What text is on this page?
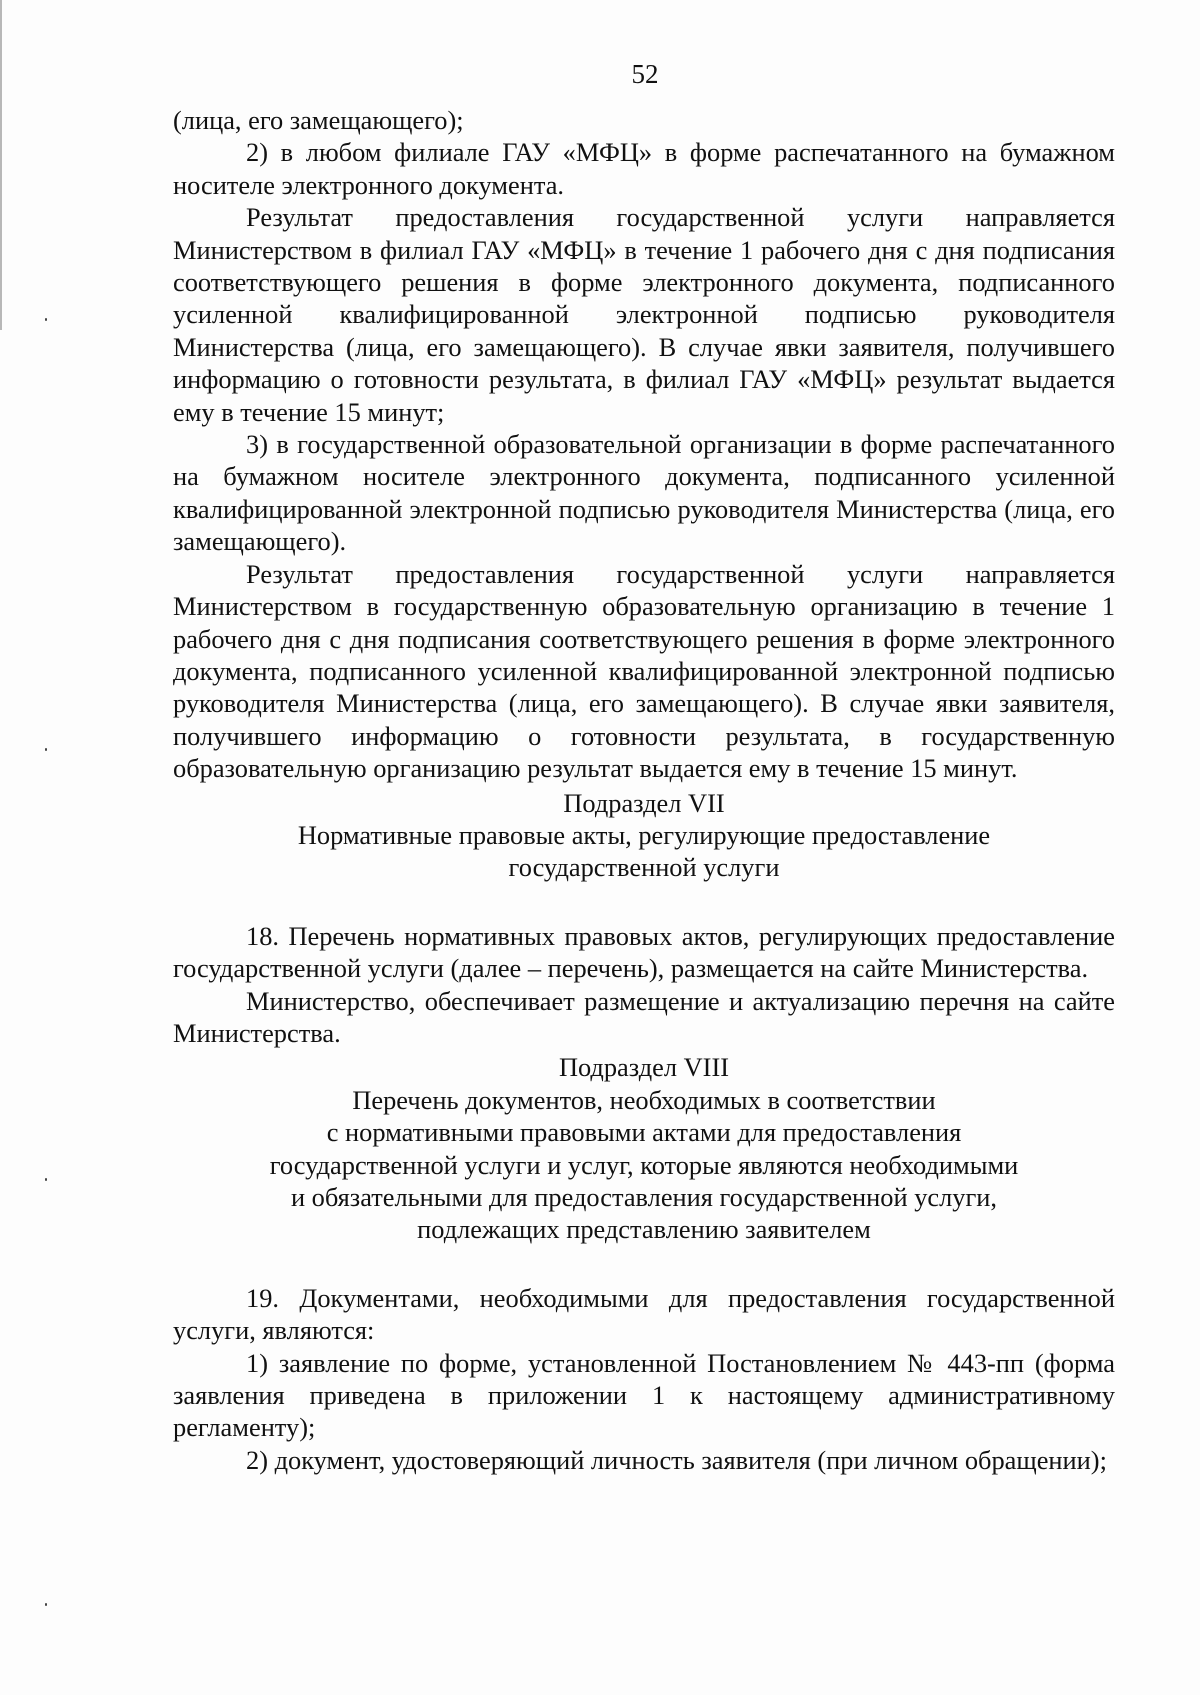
52

(лица, его замещающего);

2) в любом филиале ГАУ «МФЦ» в форме распечатанного на бумажном носителе электронного документа.

Результат предоставления государственной услуги направляется Министерством в филиал ГАУ «МФЦ» в течение 1 рабочего дня с дня подписания соответствующего решения в форме электронного документа, подписанного усиленной квалифицированной электронной подписью руководителя Министерства (лица, его замещающего). В случае явки заявителя, получившего информацию о готовности результата, в филиал ГАУ «МФЦ» результат выдается ему в течение 15 минут;

3) в государственной образовательной организации в форме распечатанного на бумажном носителе электронного документа, подписанного усиленной квалифицированной электронной подписью руководителя Министерства (лица, его замещающего).

Результат предоставления государственной услуги направляется Министерством в государственную образовательную организацию в течение 1 рабочего дня с дня подписания соответствующего решения в форме электронного документа, подписанного усиленной квалифицированной электронной подписью руководителя Министерства (лица, его замещающего). В случае явки заявителя, получившего информацию о готовности результата, в государственную образовательную организацию результат выдается ему в течение 15 минут.

Подраздел VII

Нормативные правовые акты, регулирующие предоставление

государственной услуги

18. Перечень нормативных правовых актов, регулирующих предоставление государственной услуги (далее – перечень), размещается на сайте Министерства.

Министерство, обеспечивает размещение и актуализацию перечня на сайте Министерства.

Подраздел VIII

Перечень документов, необходимых в соответствии

с нормативными правовыми актами для предоставления

государственной услуги и услуг, которые являются необходимыми

и обязательными для предоставления государственной услуги,

подлежащих представлению заявителем

19. Документами, необходимыми для предоставления государственной услуги, являются:

1) заявление по форме, установленной Постановлением № 443-пп (форма заявления приведена в приложении 1 к настоящему административному регламенту);

2) документ, удостоверяющий личность заявителя (при личном обращении);
